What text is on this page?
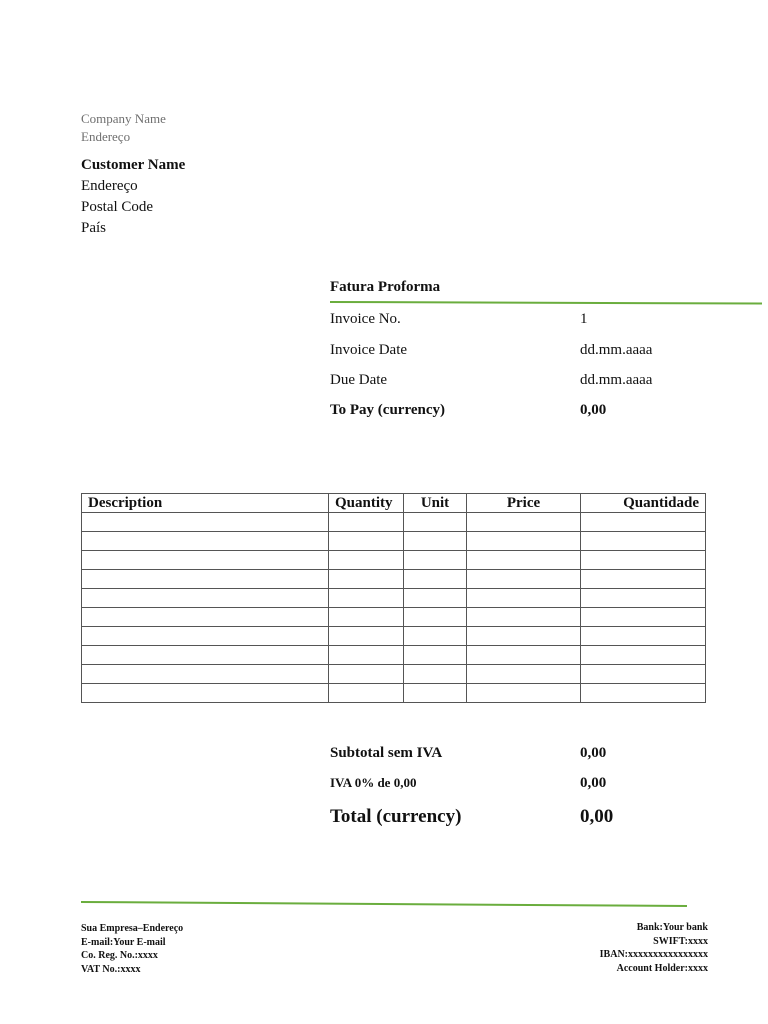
Company Name
Endereço
Customer Name
Endereço
Postal Code
País
Fatura Proforma
Invoice No.	1
Invoice Date	dd.mm.aaaa
Due Date	dd.mm.aaaa
To Pay (currency)	0,00
Description	Quantity	Unit	Price	Quantidade

Subtotal sem IVA	0,00
IVA 0% de 0,00	0,00
Total (currency)	0,00
Sua Empresa–Endereço
E-mail:Your E-mail
Co. Reg. No.:xxxx
VAT No.:xxxx
Bank:Your bank
SWIFT:xxxx
IBAN:xxxxxxxxxxxxxxxx
Account Holder:xxxx
